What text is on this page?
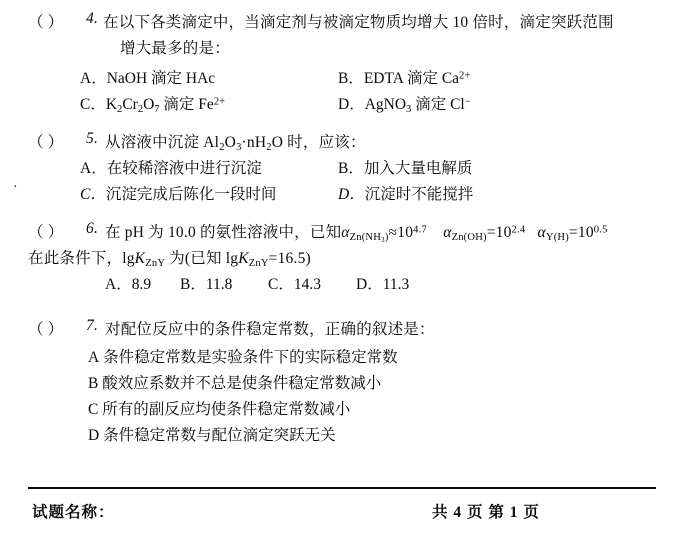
（ ） 4. 在以下各类滴定中，当滴定剂与被滴定物质均增大 10 倍时，滴定突跃范围
增大最多的是：
A．NaOH 滴定 HAc	B．EDTA 滴定 $Ca^{2+}$
C．$K_2Cr_2O_7$ 滴定 $Fe^{2+}$	D．AgNO$_3$ 滴定 Cl−
（ ） 5. 从溶液中沉淀 $Al_2O_3\cdot nH_2O$ 时，应该：
A．在较稀溶液中进行沉淀	B．加入大量电解质
C．沉淀完成后陈化一段时间	D．沉淀时不能搅拌
·
（ ） 6. 在 pH 为 10.0 的氨性溶液中，已知$\alpha_{Zn(NH_3)}\approx 10^{4.7}$ $\alpha_{Zn(OH)}=10^{2.4}$ $\alpha_{Y(H)}=10^{0.5}$
在此条件下，lgK$_{ZnY}$ 为(已知 lgK$_{ZnY}$=16.5)
A．8.9 B．11.8 C．14.3 D．11.3
（ ） 7. 对配位反应中的条件稳定常数，正确的叙述是：
A 条件稳定常数是实验条件下的实际稳定常数
B 酸效应系数并不总是使条件稳定常数减小
C 所有的副反应均使条件稳定常数减小
D 条件稳定常数与配位滴定突跃无关
试题名称：	共 4 页 第 1 页
